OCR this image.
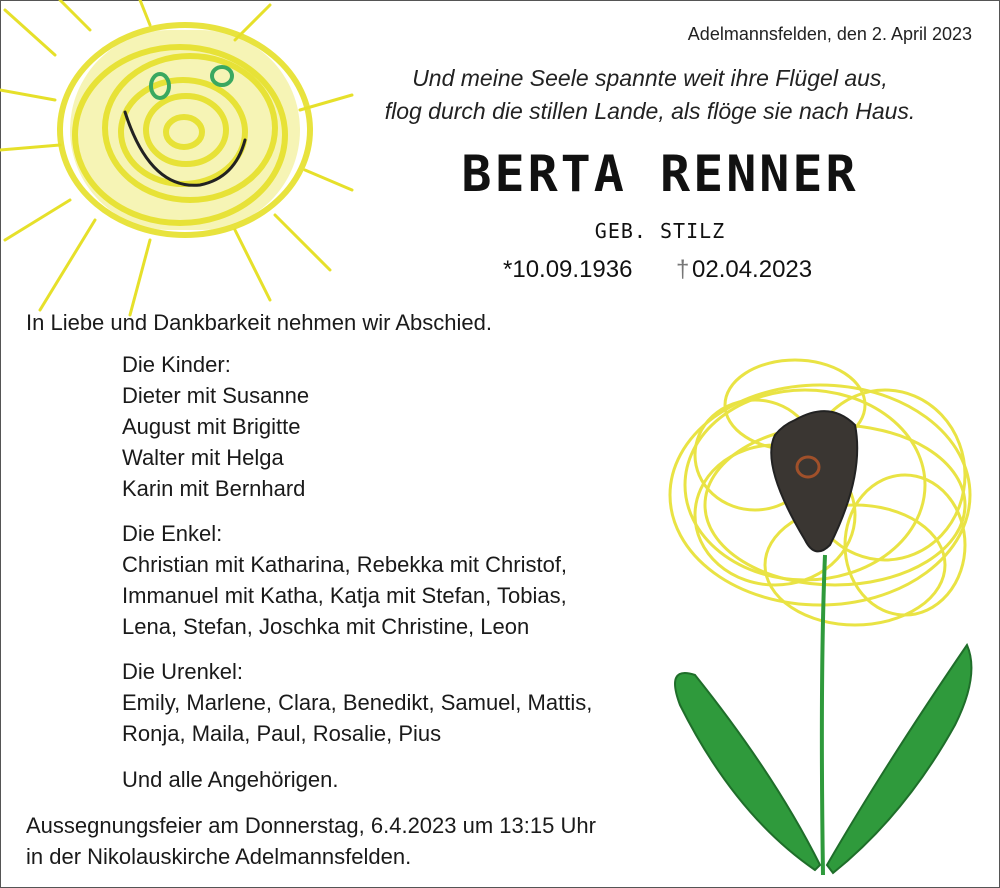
Adelmannsfelden, den 2. April 2023
Und meine Seele spannte weit ihre Flügel aus,
flog durch die stillen Lande, als flöge sie nach Haus.
BERTA RENNER
GEB. STILZ
*10.09.1936 † 02.04.2023
In Liebe und Dankbarkeit nehmen wir Abschied.
Die Kinder:
Dieter mit Susanne
August mit Brigitte
Walter mit Helga
Karin mit Bernhard
Die Enkel:
Christian mit Katharina, Rebekka mit Christof,
Immanuel mit Katha, Katja mit Stefan, Tobias,
Lena, Stefan, Joschka mit Christine, Leon
Die Urenkel:
Emily, Marlene, Clara, Benedikt, Samuel, Mattis,
Ronja, Maila, Paul, Rosalie, Pius
Und alle Angehörigen.
Aussegnungsfeier am Donnerstag, 6.4.2023 um 13:15 Uhr
in der Nikolauskirche Adelmannsfelden.
